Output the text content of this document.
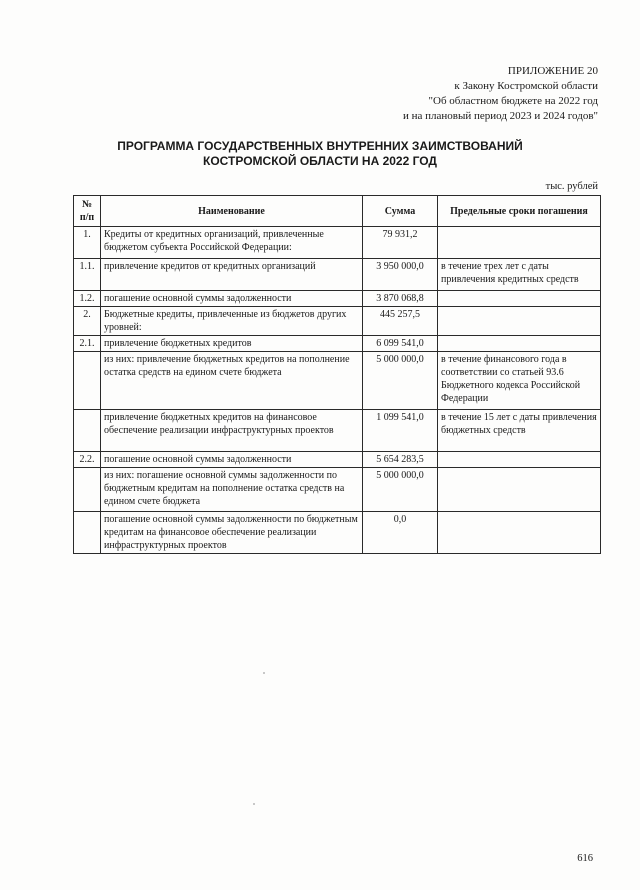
ПРИЛОЖЕНИЕ 20
к Закону Костромской области
"Об областном бюджете на 2022 год
и на плановый период 2023 и 2024 годов"
ПРОГРАММА ГОСУДАРСТВЕННЫХ ВНУТРЕННИХ ЗАИМСТВОВАНИЙ
КОСТРОМСКОЙ ОБЛАСТИ НА 2022 ГОД
тыс. рублей
№ п/п	Наименование	Сумма	Предельные сроки погашения
1.	Кредиты от кредитных организаций, привлеченные бюджетом субъекта Российской Федерации:	79 931,2	
1.1.	привлечение кредитов от кредитных организаций	3 950 000,0	в течение трех лет с даты привлечения кредитных средств
1.2.	погашение основной суммы задолженности	3 870 068,8	
2.	Бюджетные кредиты, привлеченные из бюджетов других уровней:	445 257,5	
2.1.	привлечение бюджетных кредитов	6 099 541,0	
	из них: привлечение бюджетных кредитов на пополнение остатка средств на едином счете бюджета	5 000 000,0	в течение финансового года в соответствии со статьей 93.6 Бюджетного кодекса Российской Федерации
	привлечение бюджетных кредитов на финансовое обеспечение реализации инфраструктурных проектов	1 099 541,0	в течение 15 лет с даты привлечения бюджетных средств
2.2.	погашение основной суммы задолженности	5 654 283,5	
	из них: погашение основной суммы задолженности по бюджетным кредитам на пополнение остатка средств на едином счете бюджета	5 000 000,0	
	погашение основной суммы задолженности по бюджетным кредитам на финансовое обеспечение реализации инфраструктурных проектов	0,0	
616
